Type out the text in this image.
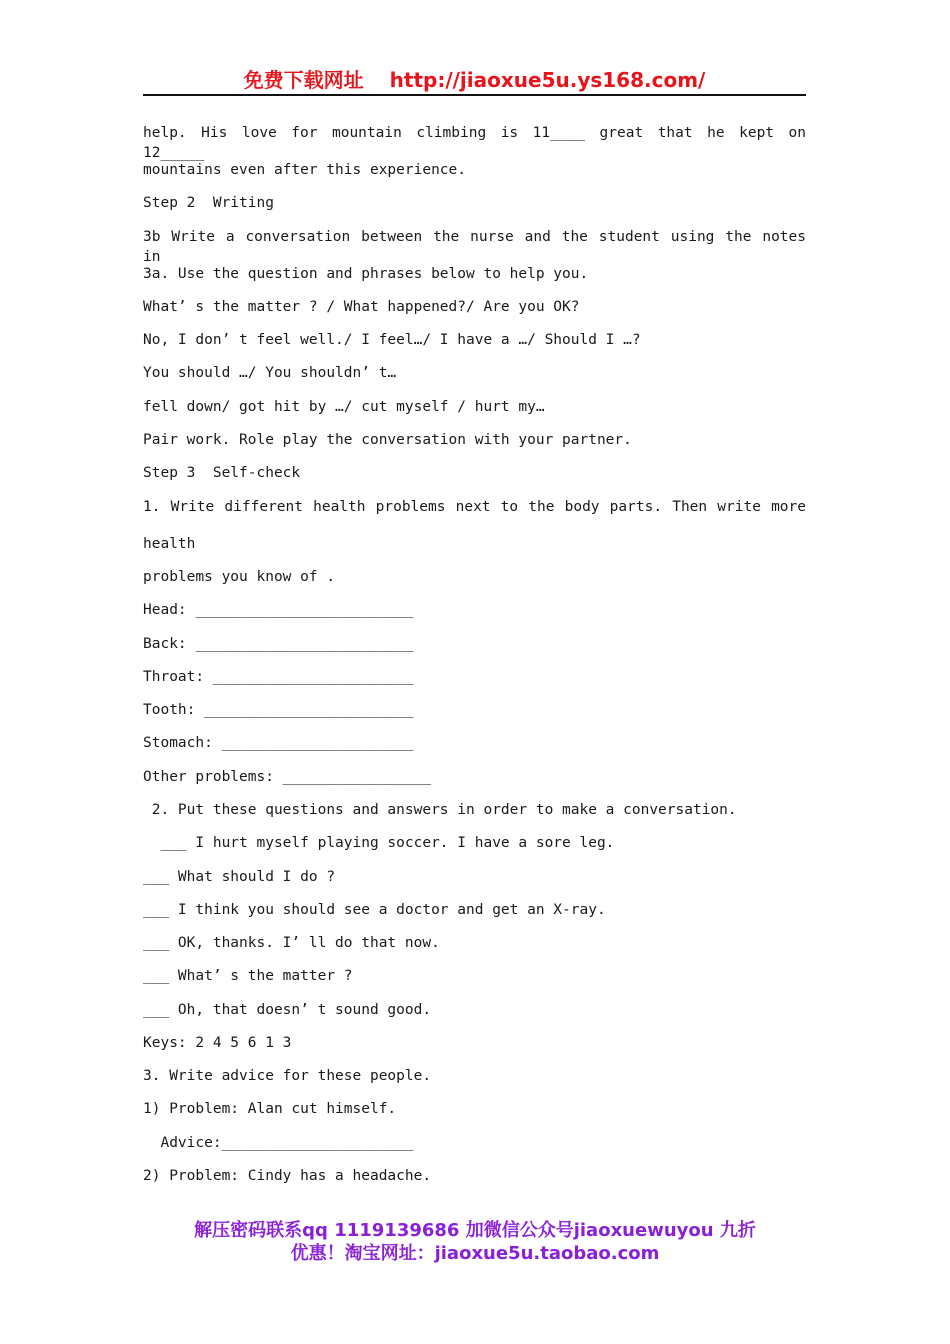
免费下载网址 http://jiaoxue5u.ys168.com/
help. His love for mountain climbing is 11____ great that he kept on 12_____
mountains even after this experience.
Step 2  Writing
3b Write a conversation between the nurse and the student using the notes in
3a. Use the question and phrases below to help you.
What’ s the matter ? / What happened?/ Are you OK?
No, I don’ t feel well./ I feel…/ I have a …/ Should I …?
You should …/ You shouldn’ t…
fell down/ got hit by …/ cut myself / hurt my…
Pair work. Role play the conversation with your partner.
Step 3  Self-check
1. Write different health problems next to the body parts. Then write more
health
problems you know of .
Head: _________________________
Back: _________________________
Throat: _______________________
Tooth: ________________________
Stomach: ______________________
Other problems: _________________
2. Put these questions and answers in order to make a conversation.
___ I hurt myself playing soccer. I have a sore leg.
___ What should I do ?
___ I think you should see a doctor and get an X-ray.
___ OK, thanks. I’ ll do that now.
___ What’ s the matter ?
___ Oh, that doesn’ t sound good.
Keys: 2 4 5 6 1 3
3. Write advice for these people.
1) Problem: Alan cut himself.
Advice:______________________
2) Problem: Cindy has a headache.
解压密码联系qq 1119139686 加微信公众号jiaoxuewuyou 九折
优惠！淘宝网址：jiaoxue5u.taobao.com
